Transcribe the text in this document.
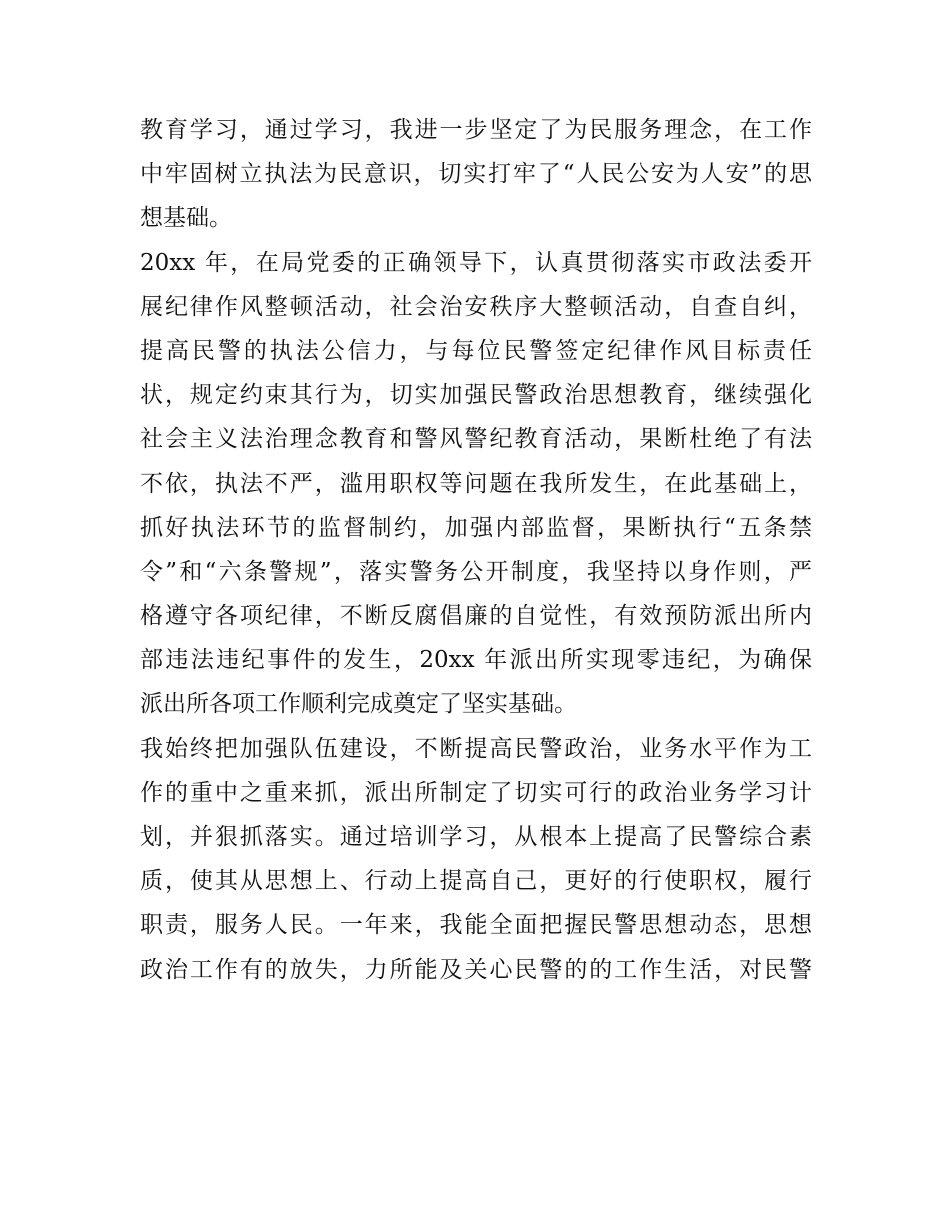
教育学习，通过学习，我进一步坚定了为民服务理念，在工作
中牢固树立执法为民意识，切实打牢了“人民公安为人安”的思
想基础。
20xx 年，在局党委的正确领导下，认真贯彻落实市政法委开
展纪律作风整顿活动，社会治安秩序大整顿活动，自查自纠，
提高民警的执法公信力，与每位民警签定纪律作风目标责任
状，规定约束其行为，切实加强民警政治思想教育，继续强化
社会主义法治理念教育和警风警纪教育活动，果断杜绝了有法
不依，执法不严，滥用职权等问题在我所发生，在此基础上，
抓好执法环节的监督制约，加强内部监督，果断执行“五条禁
令”和“六条警规”，落实警务公开制度，我坚持以身作则，严
格遵守各项纪律，不断反腐倡廉的自觉性，有效预防派出所内
部违法违纪事件的发生，20xx 年派出所实现零违纪，为确保
派出所各项工作顺利完成奠定了坚实基础。
我始终把加强队伍建设，不断提高民警政治，业务水平作为工
作的重中之重来抓，派出所制定了切实可行的政治业务学习计
划，并狠抓落实。通过培训学习，从根本上提高了民警综合素
质，使其从思想上、行动上提高自己，更好的行使职权，履行
职责，服务人民。一年来，我能全面把握民警思想动态，思想
政治工作有的放失，力所能及关心民警的的工作生活，对民警
